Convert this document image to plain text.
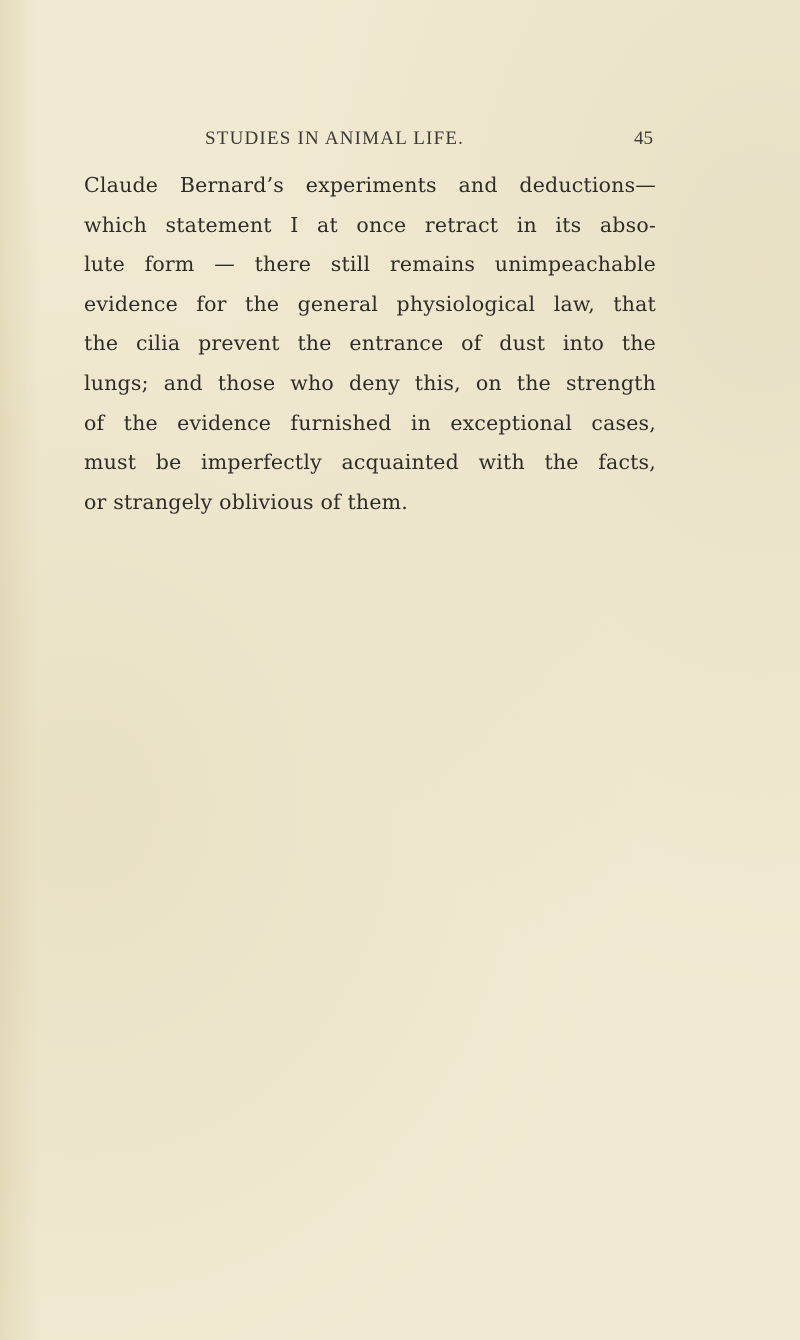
STUDIES IN ANIMAL LIFE.	45

Claude Bernard’s experiments and deductions—
which statement I at once retract in its abso-
lute form — there still remains unimpeachable
evidence for the general physiological law, that
the cilia prevent the entrance of dust into the
lungs; and those who deny this, on the strength
of the evidence furnished in exceptional cases,
must be imperfectly acquainted with the facts,
or strangely oblivious of them.
